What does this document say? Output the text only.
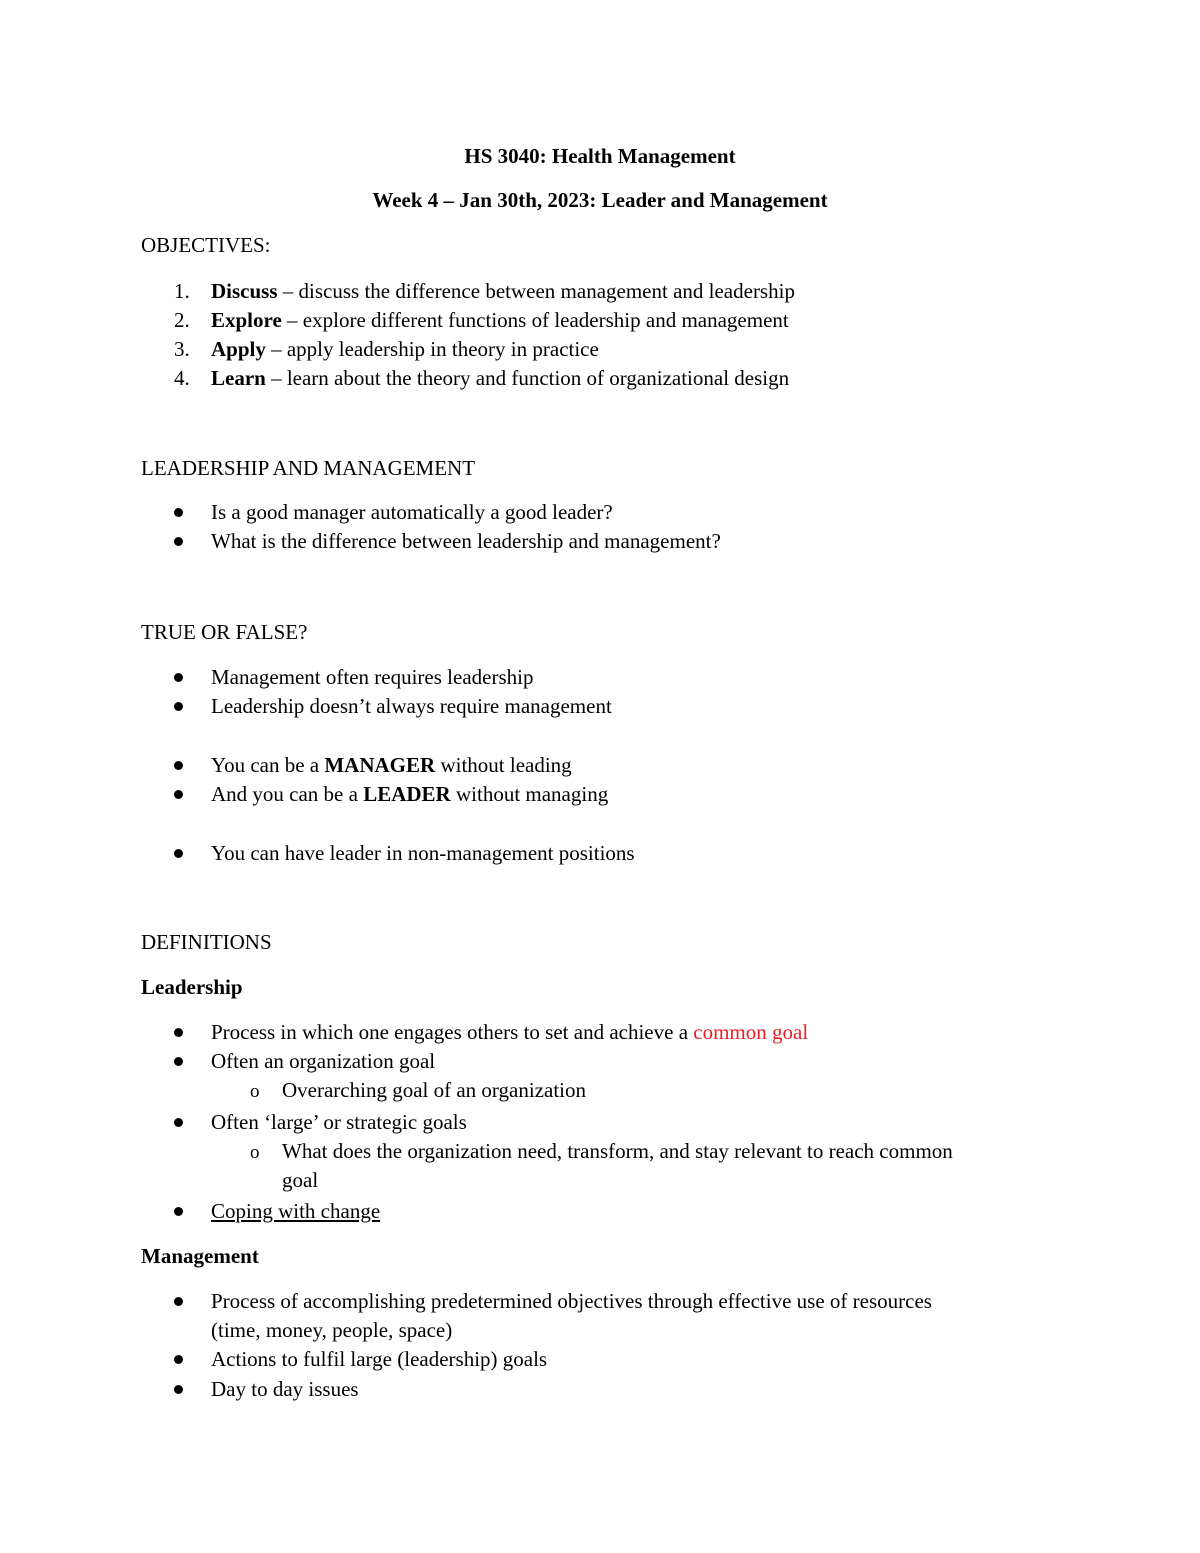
HS 3040: Health Management
Week 4 – Jan 30th, 2023: Leader and Management
OBJECTIVES:
1. Discuss – discuss the difference between management and leadership
2. Explore – explore different functions of leadership and management
3. Apply – apply leadership in theory in practice
4. Learn – learn about the theory and function of organizational design
LEADERSHIP AND MANAGEMENT
Is a good manager automatically a good leader?
What is the difference between leadership and management?
TRUE OR FALSE?
Management often requires leadership
Leadership doesn’t always require management
You can be a MANAGER without leading
And you can be a LEADER without managing
You can have leader in non-management positions
DEFINITIONS
Leadership
Process in which one engages others to set and achieve a common goal
Often an organization goal
o Overarching goal of an organization
Often ‘large’ or strategic goals
o What does the organization need, transform, and stay relevant to reach common
goal
Coping with change
Management
Process of accomplishing predetermined objectives through effective use of resources
(time, money, people, space)
Actions to fulfil large (leadership) goals
Day to day issues
